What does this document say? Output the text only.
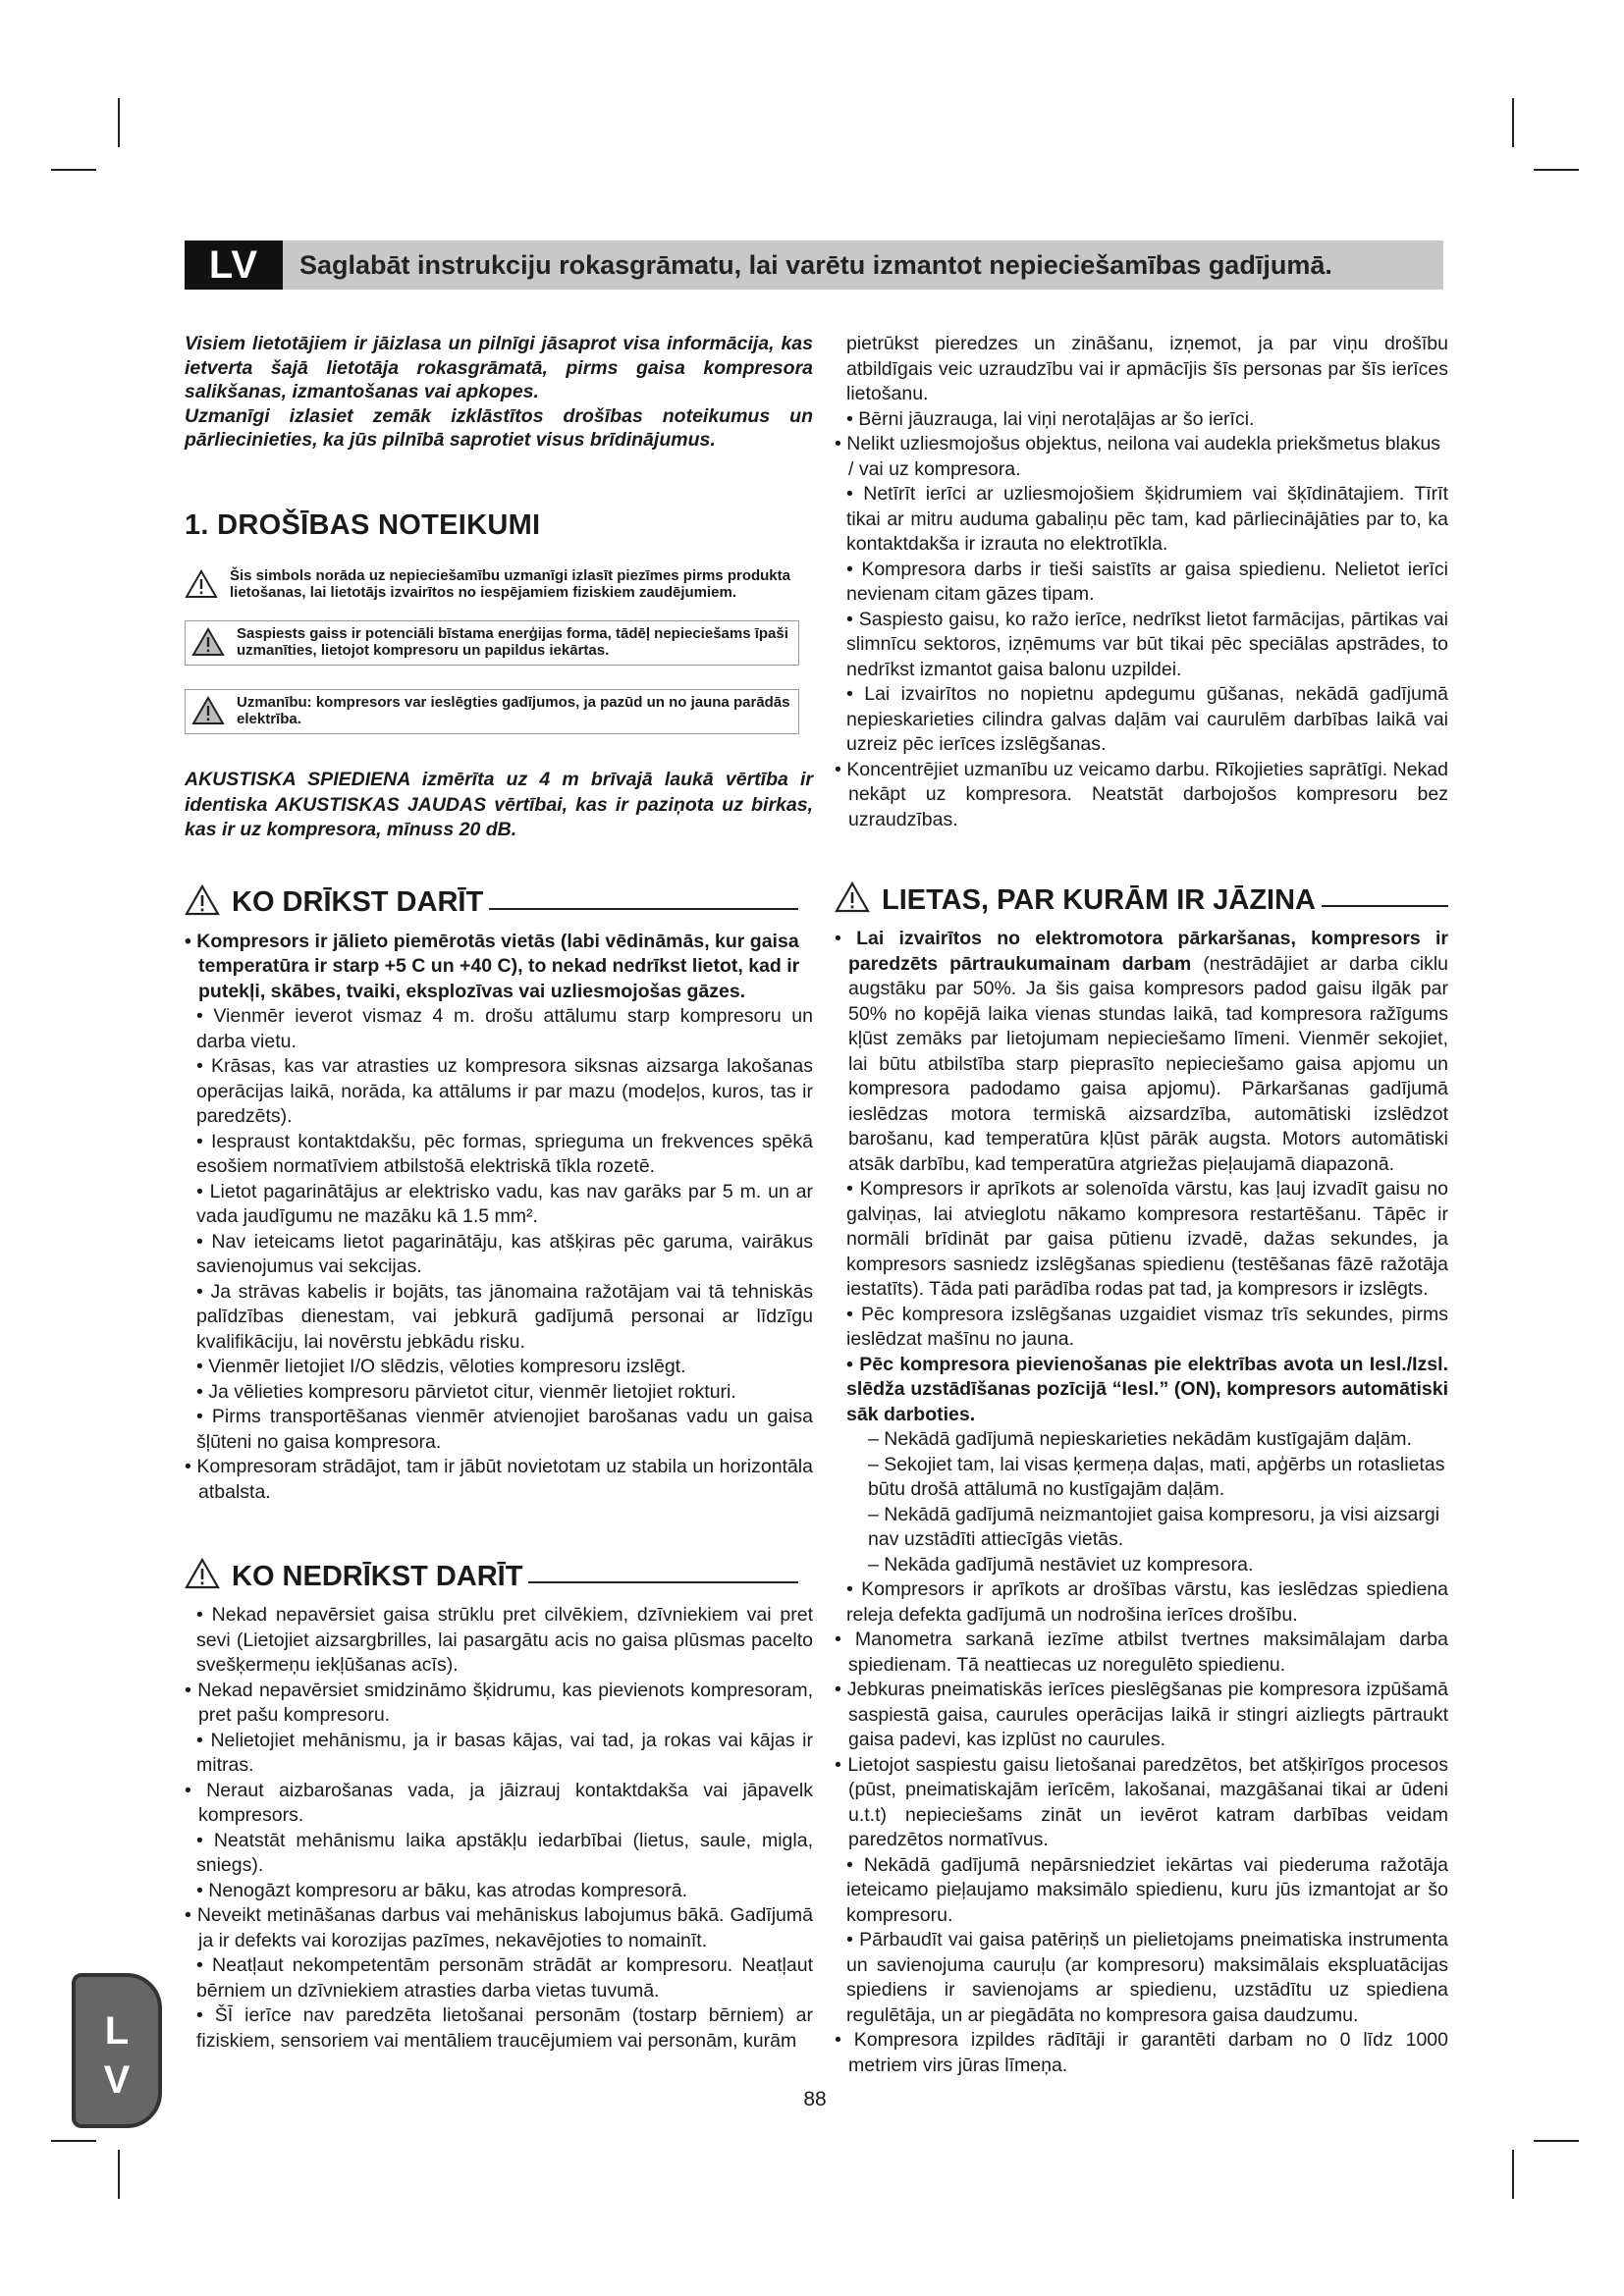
LV	Saglabāt instrukciju rokasgrāmatu, lai varētu izmantot nepieciešamības gadījumā.

Visiem lietotājiem ir jāizlasa un pilnīgi jāsaprot visa informācija, kas ietverta šajā lietotāja rokasgrāmatā, pirms gaisa kompresora salikšanas, izmantošanas vai apkopes.

Uzmanīgi izlasiet zemāk izklāstītos drošības noteikumus un pārliecinieties, ka jūs pilnībā saprotiet visus brīdinājumus.

1. DROŠĪBAS NOTEIKUMI
Šis simbols norāda uz nepieciešamību uzmanīgi izlasīt piezīmes pirms produkta lietošanas, lai lietotājs izvairītos no iespējamiem fiziskiem zaudējumiem.
Saspiests gaiss ir potenciāli bīstama enerģijas forma, tādēļ nepieciešams īpaši uzmanīties, lietojot kompresoru un papildus iekārtas.
Uzmanību: kompresors var ieslēgties gadījumos, ja pazūd un no jauna parādās elektrība.

AKUSTISKA SPIEDIENA izmērīta uz 4 m brīvajā laukā vērtība ir identiska AKUSTISKAS JAUDAS vērtībai, kas ir paziņota uz birkas, kas ir uz kompresora, mīnuss 20 dB.

KO DRĪKST DARĪT

• Kompresors ir jālieto piemērotās vietās (labi vēdināmās, kur gaisa temperatūra ir starp +5 C un +40 C), to nekad nedrīkst lietot, kad ir putekļi, skābes, tvaiki, eksplozīvas vai uzliesmojošas gāzes.

• Vienmēr ieverot vismaz 4 m. drošu attālumu starp kompresoru un darba vietu.

• Krāsas, kas var atrasties uz kompresora siksnas aizsarga lakošanas operācijas laikā, norāda, ka attālums ir par mazu (modeļos, kuros, tas ir paredzēts).

• Iespraust kontaktdakšu, pēc formas, sprieguma un frekvences spēkā esošiem normatīviem atbilstošā elektriskā tīkla rozetē.

• Lietot pagarinātājus ar elektrisko vadu, kas nav garāks par 5 m. un ar vada jaudīgumu ne mazāku kā 1.5 mm².

• Nav ieteicams lietot pagarinātāju, kas atšķiras pēc garuma, vairākus savienojumus vai sekcijas.

• Ja strāvas kabelis ir bojāts, tas jānomaina ražotājam vai tā tehniskās palīdzības dienestam, vai jebkurā gadījumā personai ar līdzīgu kvalifikāciju, lai novērstu jebkādu risku.

• Vienmēr lietojiet I/O slēdzis, vēloties kompresoru izslēgt.

• Ja vēlieties kompresoru pārvietot citur, vienmēr lietojiet rokturi.

• Pirms transportēšanas vienmēr atvienojiet barošanas vadu un gaisa šļūteni no gaisa kompresora.

• Kompresoram strādājot, tam ir jābūt novietotam uz stabila un horizontāla atbalsta.

KO NEDRĪKST DARĪT

• Nekad nepavērsiet gaisa strūklu pret cilvēkiem, dzīvniekiem vai pret sevi (Lietojiet aizsargbrilles, lai pasargātu acis no gaisa plūsmas pacelto svešķermeņu iekļūšanas acīs).

• Nekad nepavērsiet smidzināmo šķidrumu, kas pievienots kompresoram, pret pašu kompresoru.

• Nelietojiet mehānismu, ja ir basas kājas, vai tad, ja rokas vai kājas ir mitras.

• Neraut aizbarošanas vada, ja jāizrauj kontaktdakša vai jāpavelk kompresors.

• Neatstāt mehānismu laika apstākļu iedarbībai (lietus, saule, migla, sniegs).

• Nenogāzt kompresoru ar bāku, kas atrodas kompresorā.

• Neveikt metināšanas darbus vai mehāniskus labojumus bākā. Gadījumā ja ir defekts vai korozijas pazīmes, nekavējoties to nomainīt.

• Neatļaut nekompetentām personām strādāt ar kompresoru. Neatļaut bērniem un dzīvniekiem atrasties darba vietas tuvumā.

• ŠĪ ierīce nav paredzēta lietošanai personām (tostarp bērniem) ar fiziskiem, sensoriem vai mentāliem traucējumiem vai personām, kurām

pietrūkst pieredzes un zināšanu, izņemot, ja par viņu drošību atbildīgais veic uzraudzību vai ir apmācījis šīs personas par šīs ierīces lietošanu.

• Bērni jāuzrauga, lai viņi nerotaļājas ar šo ierīci.

• Nelikt uzliesmojošus objektus, neilona vai audekla priekšmetus blakus / vai uz kompresora.

• Netīrīt ierīci ar uzliesmojošiem šķidrumiem vai šķīdinātajiem. Tīrīt tikai ar mitru auduma gabaliņu pēc tam, kad pārliecinājāties par to, ka kontaktdakša ir izrauta no elektrotīkla.

• Kompresora darbs ir tieši saistīts ar gaisa spiedienu. Nelietot ierīci nevienam citam gāzes tipam.

• Saspiesto gaisu, ko ražo ierīce, nedrīkst lietot farmācijas, pārtikas vai slimnīcu sektoros, izņēmums var būt tikai pēc speciālas apstrādes, to nedrīkst izmantot gaisa balonu uzpildei.

• Lai izvairītos no nopietnu apdegumu gūšanas, nekādā gadījumā nepieskarieties cilindra galvas daļām vai caurulēm darbības laikā vai uzreiz pēc ierīces izslēgšanas.

• Koncentrējiet uzmanību uz veicamo darbu. Rīkojieties saprātīgi. Nekad nekāpt uz kompresora. Neatstāt darbojošos kompresoru bez uzraudzības.

LIETAS, PAR KURĀM IR JĀZINA

• Lai izvairītos no elektromotora pārkaršanas, kompresors ir paredzēts pārtraukumainam darbam (nestrādājiet ar darba ciklu augstāku par 50%. Ja šis gaisa kompresors padod gaisu ilgāk par 50% no kopējā laika vienas stundas laikā, tad kompresora ražīgums kļūst zemāks par lietojumam nepieciešamo līmeni. Vienmēr sekojiet, lai būtu atbilstība starp pieprasīto nepieciešamo gaisa apjomu un kompresora padodamo gaisa apjomu). Pārkaršanas gadījumā ieslēdzas motora termiskā aizsardzība, automātiski izslēdzot barošanu, kad temperatūra kļūst pārāk augsta. Motors automātiski atsāk darbību, kad temperatūra atgriežas pieļaujamā diapazonā.

• Kompresors ir aprīkots ar solenoīda vārstu, kas ļauj izvadīt gaisu no galviņas, lai atvieglotu nākamo kompresora restartēšanu. Tāpēc ir normāli brīdināt par gaisa pūtienu izvadē, dažas sekundes, ja kompresors sasniedz izslēgšanas spiedienu (testēšanas fāzē ražotāja iestatīts). Tāda pati parādība rodas pat tad, ja kompresors ir izslēgts.

• Pēc kompresora izslēgšanas uzgaidiet vismaz trīs sekundes, pirms ieslēdzat mašīnu no jauna.

• Pēc kompresora pievienošanas pie elektrības avota un Iesl./Izsl. slēdža uzstādīšanas pozīcijā “Iesl.” (ON), kompresors automātiski sāk darboties.

– Nekādā gadījumā nepieskarieties nekādām kustīgajām daļām.

– Sekojiet tam, lai visas ķermeņa daļas, mati, apģērbs un rotaslietas būtu drošā attālumā no kustīgajām daļām.

– Nekādā gadījumā neizmantojiet gaisa kompresoru, ja visi aizsargi nav uzstādīti attiecīgās vietās.

– Nekāda gadījumā nestāviet uz kompresora.

• Kompresors ir aprīkots ar drošības vārstu, kas ieslēdzas spiediena releja defekta gadījumā un nodrošina ierīces drošību.

• Manometra sarkanā iezīme atbilst tvertnes maksimālajam darba spiedienam. Tā neattiecas uz noregulēto spiedienu.

• Jebkuras pneimatiskās ierīces pieslēgšanas pie kompresora izpūšamā saspiestā gaisa, caurules operācijas laikā ir stingri aizliegts pārtraukt gaisa padevi, kas izplūst no caurules.

• Lietojot saspiestu gaisu lietošanai paredzētos, bet atšķirīgos procesos (pūst, pneimatiskajām ierīcēm, lakošanai, mazgāšanai tikai ar ūdeni u.t.t) nepieciešams zināt un ievērot katram darbības veidam paredzētos normatīvus.

• Nekādā gadījumā nepārsniedziet iekārtas vai piederuma ražotāja ieteicamo pieļaujamo maksimālo spiedienu, kuru jūs izmantojat ar šo kompresoru.

• Pārbaudīt vai gaisa patēriņš un pielietojams pneimatiska instrumenta un savienojuma cauruļu (ar kompresoru) maksimālais ekspluatācijas spiediens ir savienojams ar spiedienu, uzstādītu uz spiediena regulētāja, un ar piegādāta no kompresora gaisa daudzumu.

• Kompresora izpildes rādītāji ir garantēti darbam no 0 līdz 1000 metriem virs jūras līmeņa.

88
L
V
